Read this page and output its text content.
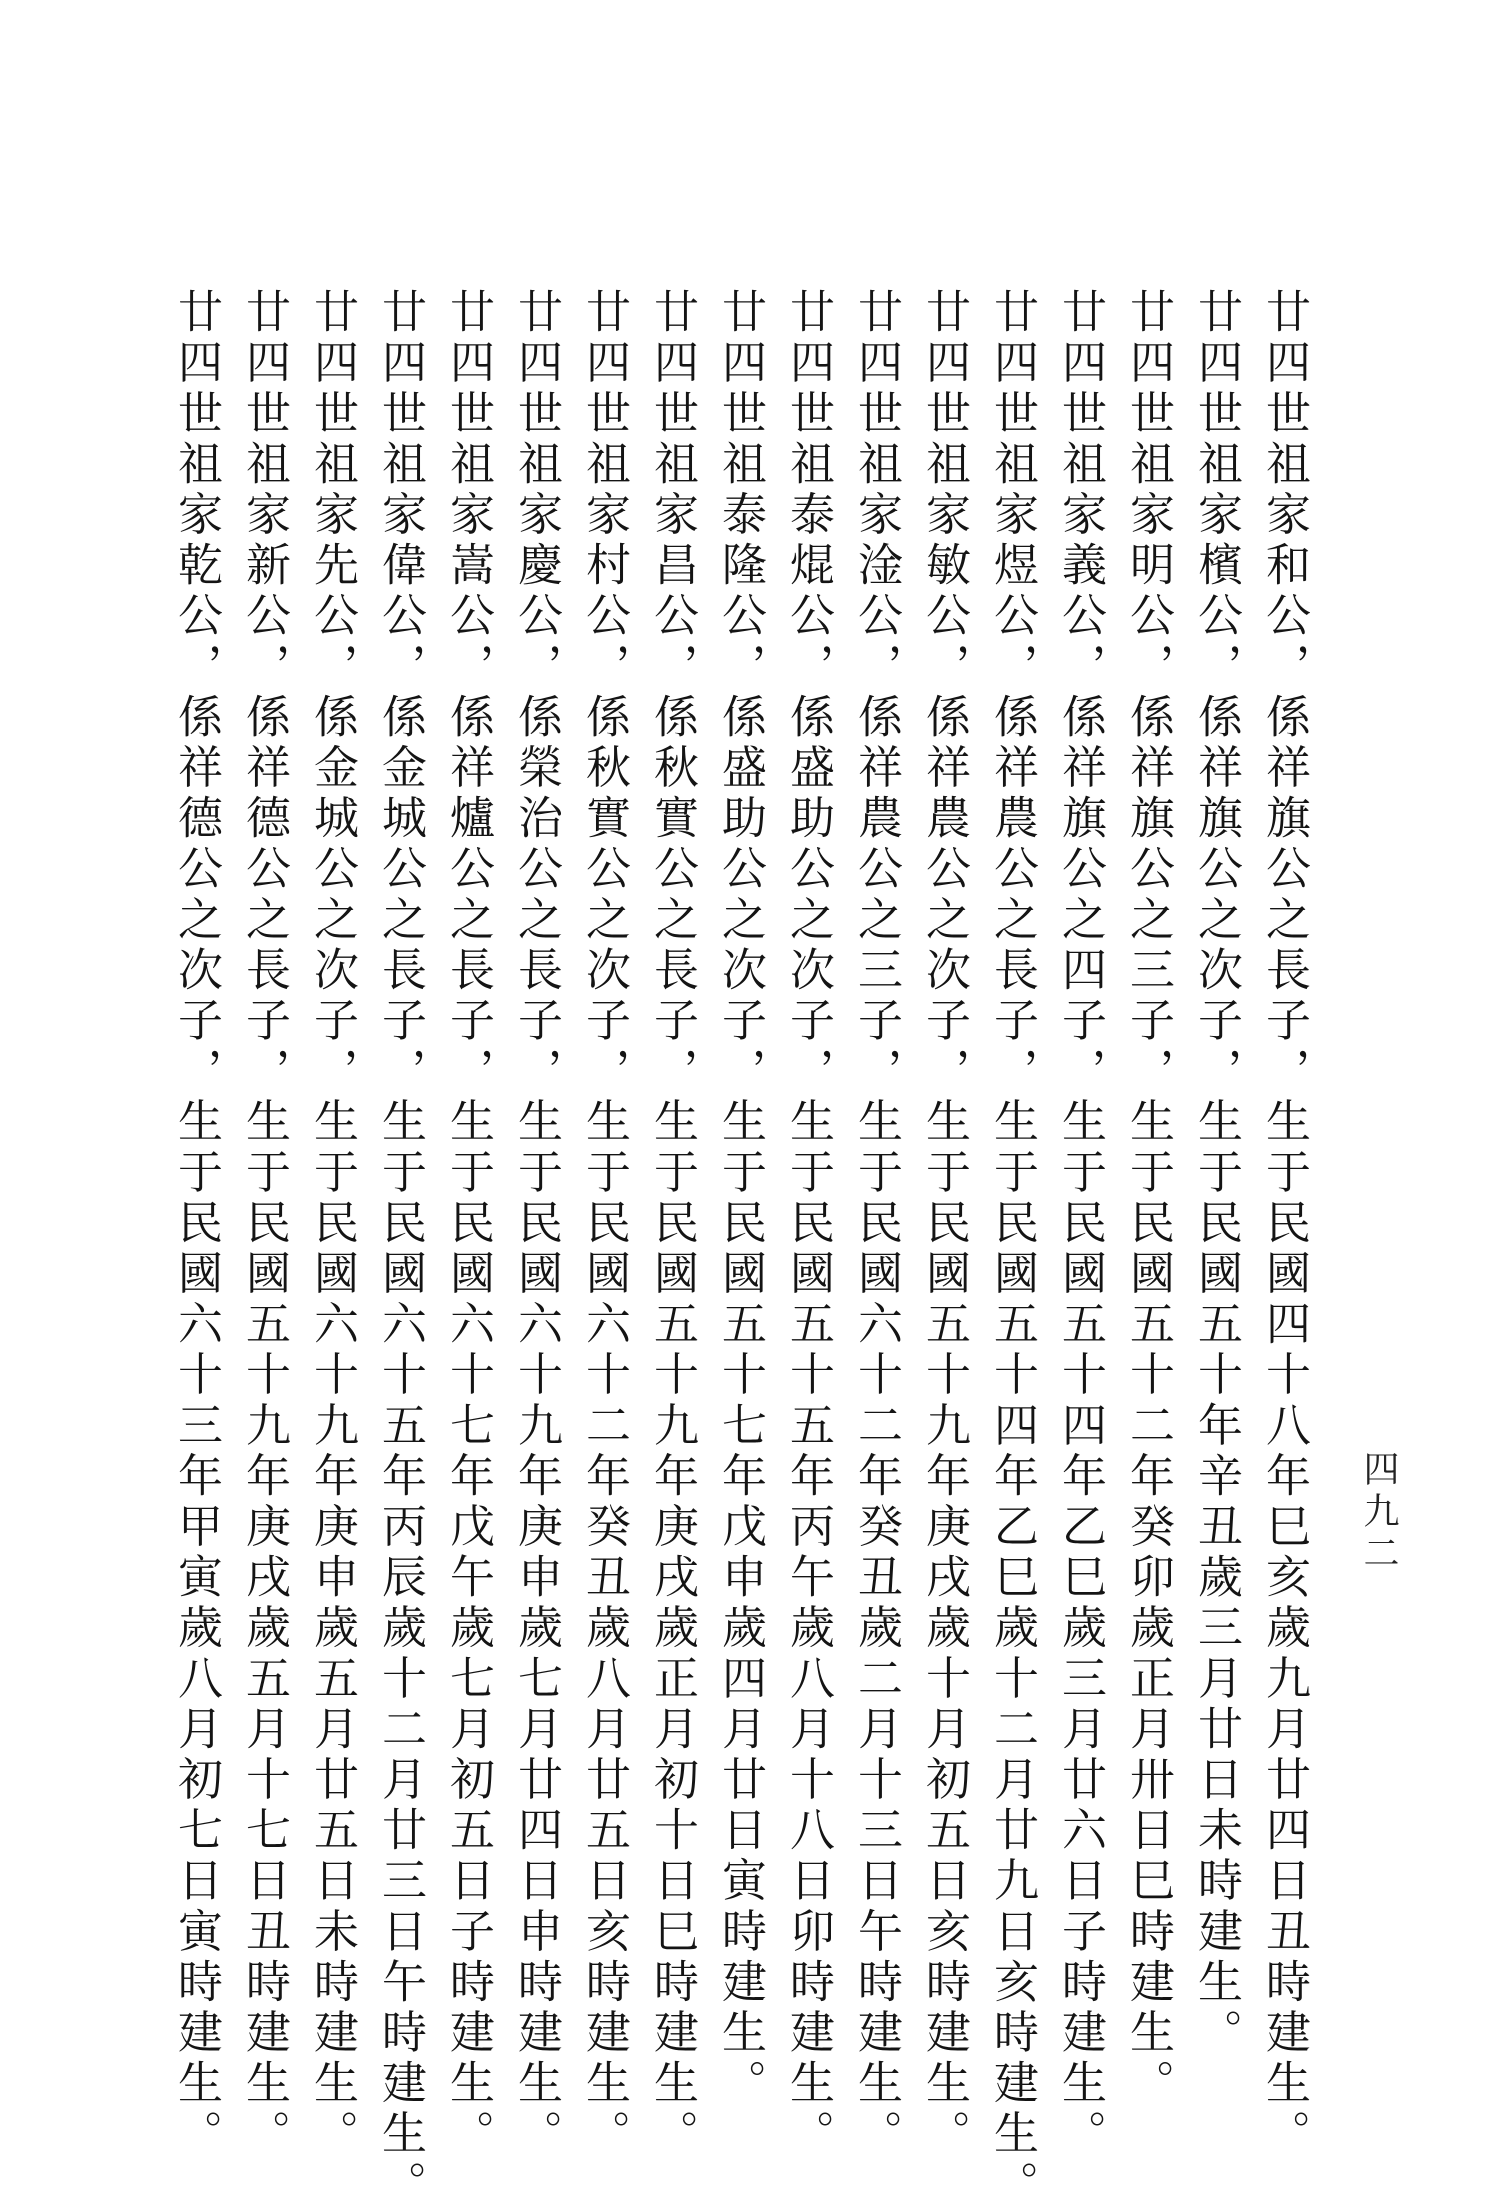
廿四世祖家和公，係祥旗公之長子，生于民國四十八年巳亥歲九月廿四日丑時建生。
廿四世祖家檳公，係祥旗公之次子，生于民國五十年辛丑歲三月廿日未時建生。
廿四世祖家明公，係祥旗公之三子，生于民國五十二年癸卯歲正月卅日巳時建生。
廿四世祖家義公，係祥旗公之四子，生于民國五十四年乙巳歲三月廿六日子時建生。
廿四世祖家煜公，係祥農公之長子，生于民國五十四年乙巳歲十二月廿九日亥時建生。
廿四世祖家敏公，係祥農公之次子，生于民國五十九年庚戌歲十月初五日亥時建生。
廿四世祖家淦公，係祥農公之三子，生于民國六十二年癸丑歲二月十三日午時建生。
廿四世祖泰焜公，係盛助公之次子，生于民國五十五年丙午歲八月十八日卯時建生。
廿四世祖泰隆公，係盛助公之次子，生于民國五十七年戊申歲四月廿日寅時建生。
廿四世祖家昌公，係秋實公之長子，生于民國五十九年庚戌歲正月初十日巳時建生。
廿四世祖家村公，係秋實公之次子，生于民國六十二年癸丑歲八月廿五日亥時建生。
廿四世祖家慶公，係榮治公之長子，生于民國六十九年庚申歲七月廿四日申時建生。
廿四世祖家嵩公，係祥爐公之長子，生于民國六十七年戊午歲七月初五日子時建生。
廿四世祖家偉公，係金城公之長子，生于民國六十五年丙辰歲十二月廿三日午時建生。
廿四世祖家先公，係金城公之次子，生于民國六十九年庚申歲五月廿五日未時建生。
廿四世祖家新公，係祥德公之長子，生于民國五十九年庚戌歲五月十七日丑時建生。
廿四世祖家乾公，係祥德公之次子，生于民國六十三年甲寅歲八月初七日寅時建生。	四九二
